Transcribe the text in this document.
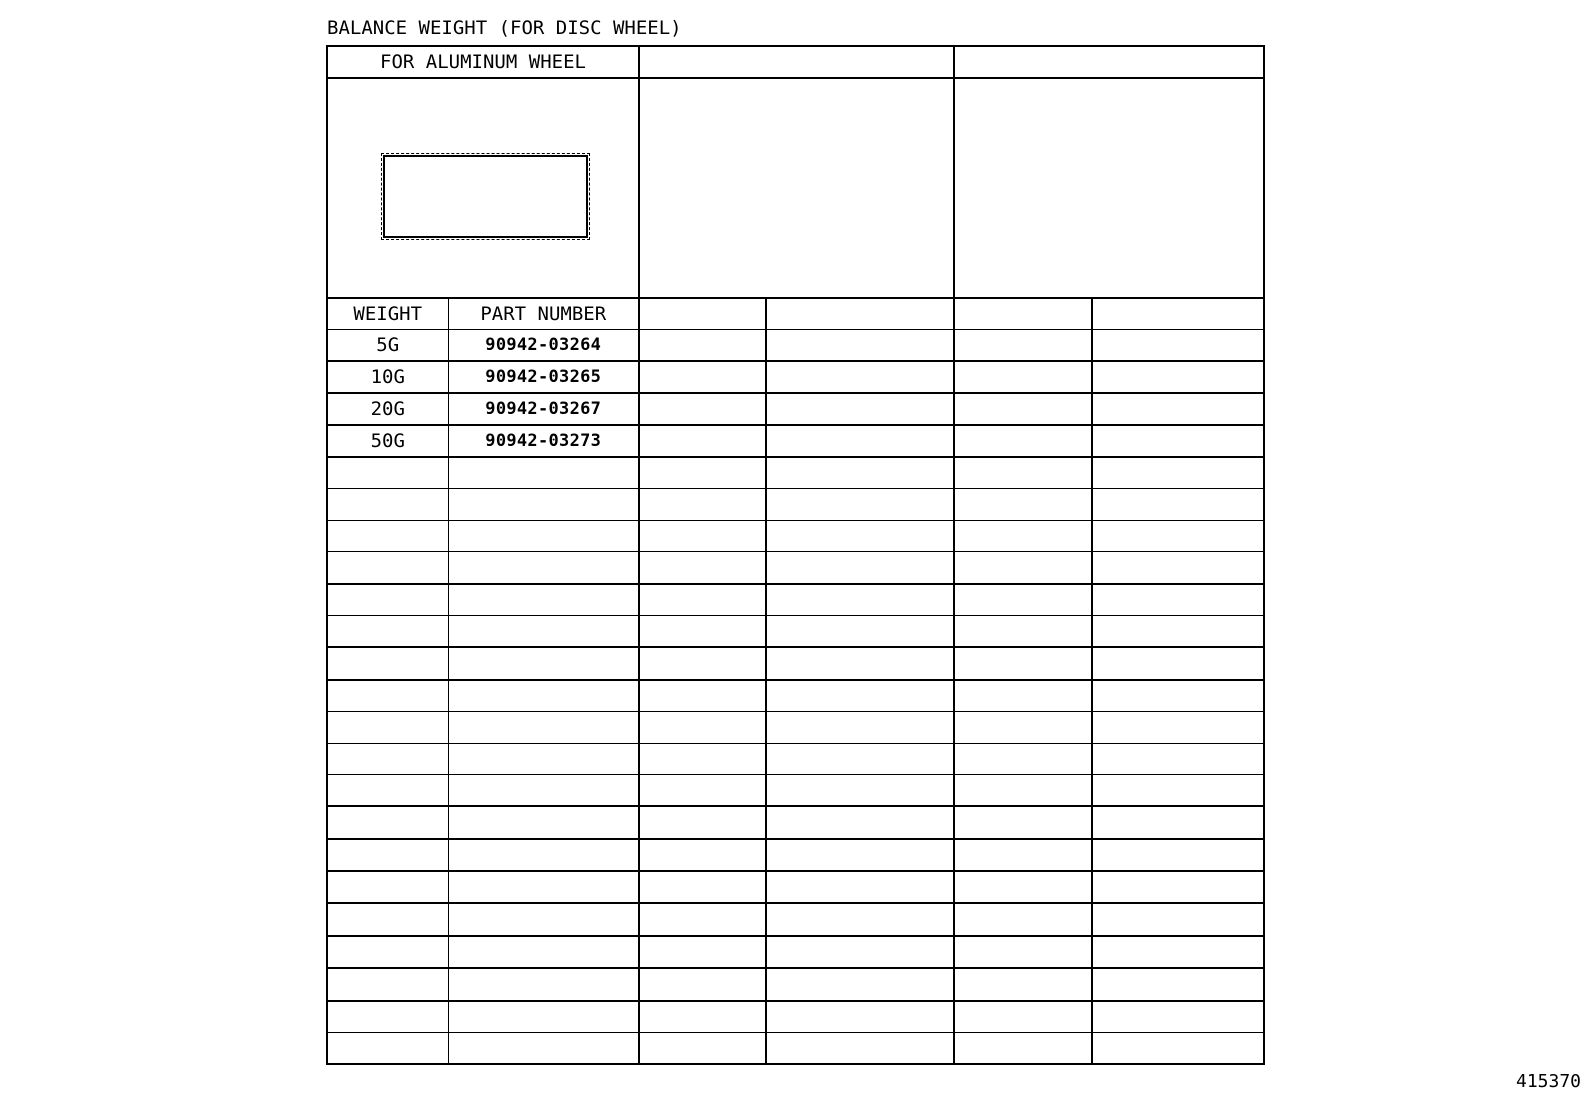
BALANCE WEIGHT (FOR DISC WHEEL)
FOR ALUMINUM WHEEL					

WEIGHT	PART NUMBER				
5G	90942-03264				
10G	90942-03265				
20G	90942-03267				
50G	90942-03273				

415370
